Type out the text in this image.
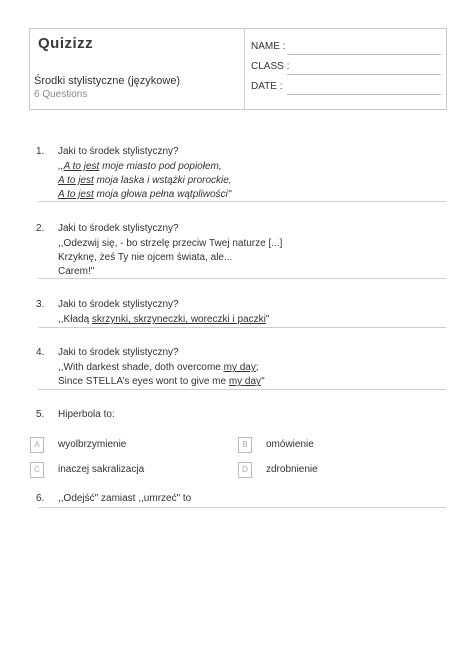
Quizizz
Środki stylistyczne (językowe)
6 Questions
NAME :
CLASS :
DATE :
1. Jaki to środek stylistyczny?
,,A to jest moje miasto pod popiołem,
A to jest moja laska i wstążki prorockie,
A to jest moja głowa pełna wątpliwości"
2. Jaki to środek stylistyczny?
,,Odezwij się, - bo strzelę przeciw Twej naturze [...]
Krzyknę, żeś Ty nie ojcem świata, ale...
Carem!"
3. Jaki to środek stylistyczny?
,,Kładą skrzynki, skrzyneczki, woreczki i paczki"
4. Jaki to środek stylistyczny?
,,With darkest shade, doth overcome my day;
Since STELLA’s eyes wont to give me my day"
5. Hiperbola to:
A	wyolbrzymienie	B	omówienie
C	inaczej sakralizacja	D	zdrobnienie
6. ,,Odejść" zamiast ,,umrzeć" to
